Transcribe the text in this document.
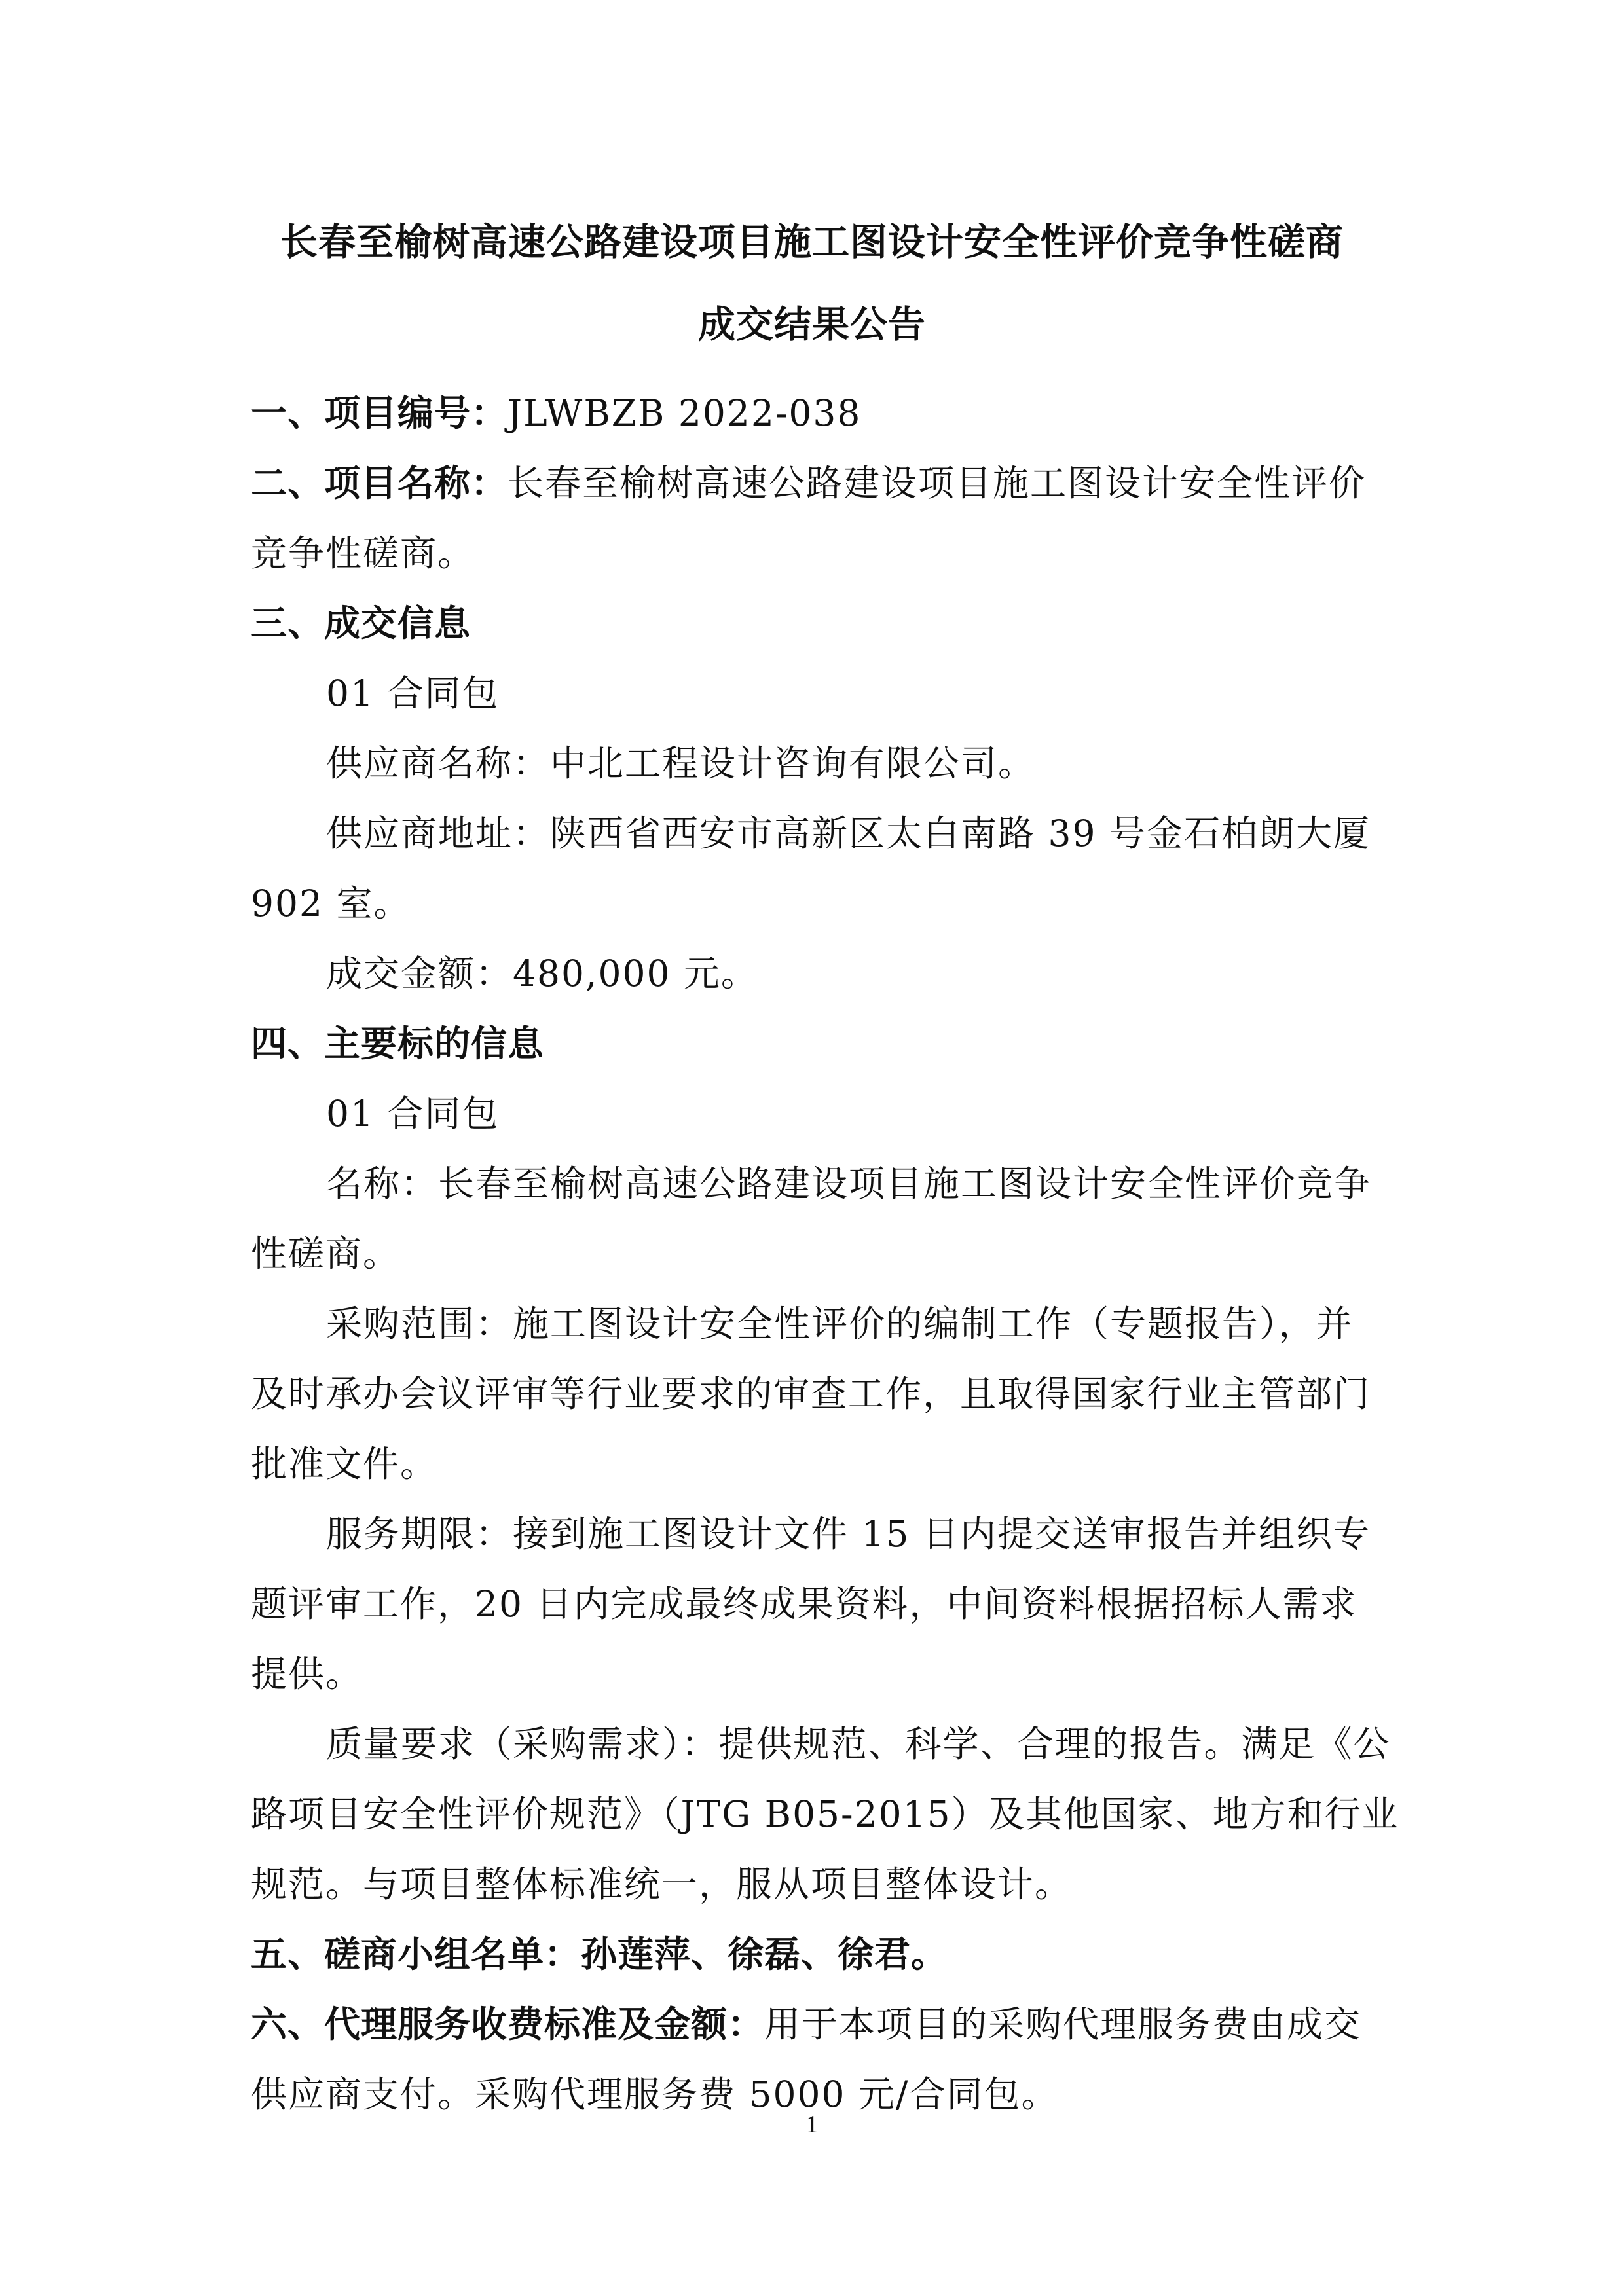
长春至榆树高速公路建设项目施工图设计安全性评价竞争性磋商
成交结果公告

一、项目编号：JLWBZB 2022-038

二、项目名称：长春至榆树高速公路建设项目施工图设计安全性评价

竞争性磋商。

三、成交信息

01 合同包

供应商名称：中北工程设计咨询有限公司。

供应商地址：陕西省西安市高新区太白南路 39 号金石柏朗大厦

902 室。

成交金额：480,000 元。

四、主要标的信息

01 合同包

名称：长春至榆树高速公路建设项目施工图设计安全性评价竞争

性磋商。

采购范围：施工图设计安全性评价的编制工作（专题报告），并

及时承办会议评审等行业要求的审查工作，且取得国家行业主管部门

批准文件。

服务期限：接到施工图设计文件 15 日内提交送审报告并组织专

题评审工作，20 日内完成最终成果资料，中间资料根据招标人需求

提供。

质量要求（采购需求）：提供规范、科学、合理的报告。满足《公

路项目安全性评价规范》（JTG B05-2015）及其他国家、地方和行业

规范。与项目整体标准统一，服从项目整体设计。

五、磋商小组名单：孙莲萍、徐磊、徐君。

六、代理服务收费标准及金额：用于本项目的采购代理服务费由成交

供应商支付。采购代理服务费 5000 元/合同包。

1
